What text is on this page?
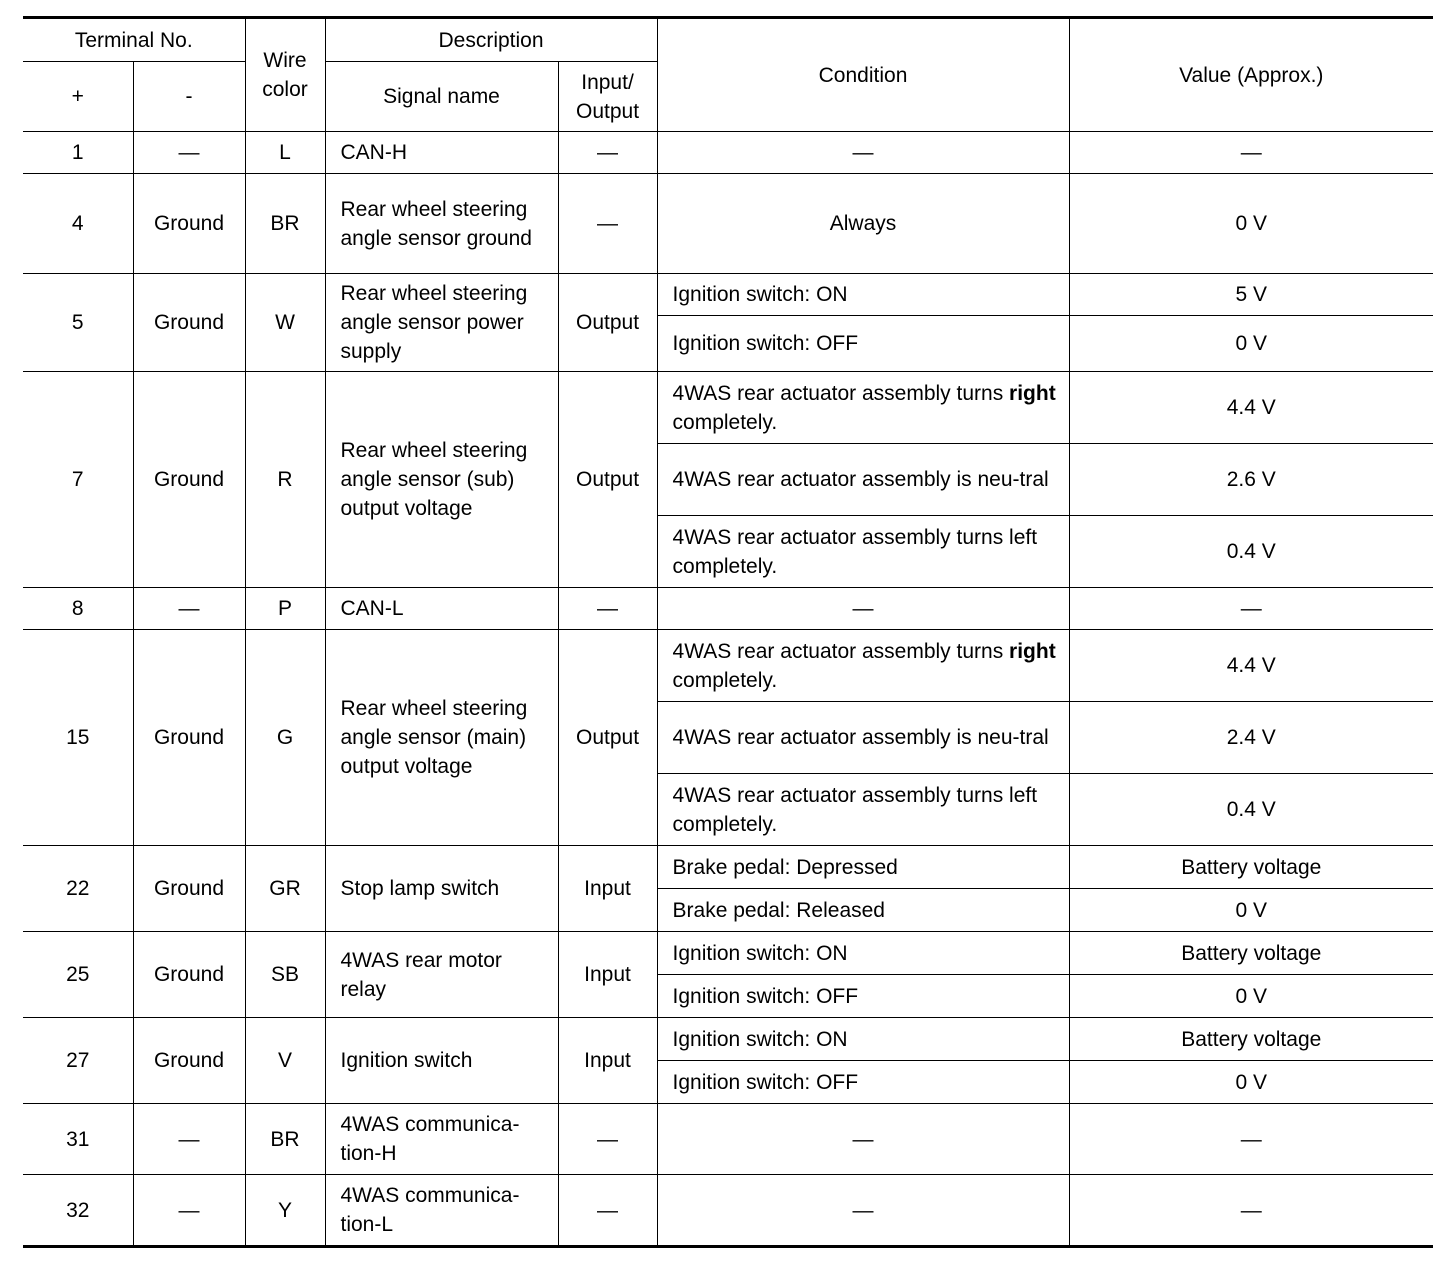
Terminal No.		Wire color	Description		Condition	Value (Approx.)
+	-		Signal name	Input/ Output		
1	—	L	CAN-H	—	—	—
4	Ground	BR	Rear wheel steering angle sensor ground	—	Always	0 V
5	Ground	W	Rear wheel steering angle sensor power supply	Output	Ignition switch: ON	5 V
					Ignition switch: OFF	0 V
7	Ground	R	Rear wheel steering angle sensor (sub) output voltage	Output	4WAS rear actuator assembly turns right completely.	4.4 V
					4WAS rear actuator assembly is neu-tral	2.6 V
					4WAS rear actuator assembly turns left completely.	0.4 V
8	—	P	CAN-L	—	—	—
15	Ground	G	Rear wheel steering angle sensor (main) output voltage	Output	4WAS rear actuator assembly turns right completely.	4.4 V
					4WAS rear actuator assembly is neu-tral	2.4 V
					4WAS rear actuator assembly turns left completely.	0.4 V
22	Ground	GR	Stop lamp switch	Input	Brake pedal: Depressed	Battery voltage
					Brake pedal: Released	0 V
25	Ground	SB	4WAS rear motor relay	Input	Ignition switch: ON	Battery voltage
					Ignition switch: OFF	0 V
27	Ground	V	Ignition switch	Input	Ignition switch: ON	Battery voltage
					Ignition switch: OFF	0 V
31	—	BR	4WAS communica-tion-H	—	—	—
32	—	Y	4WAS communica-tion-L	—	—	—
